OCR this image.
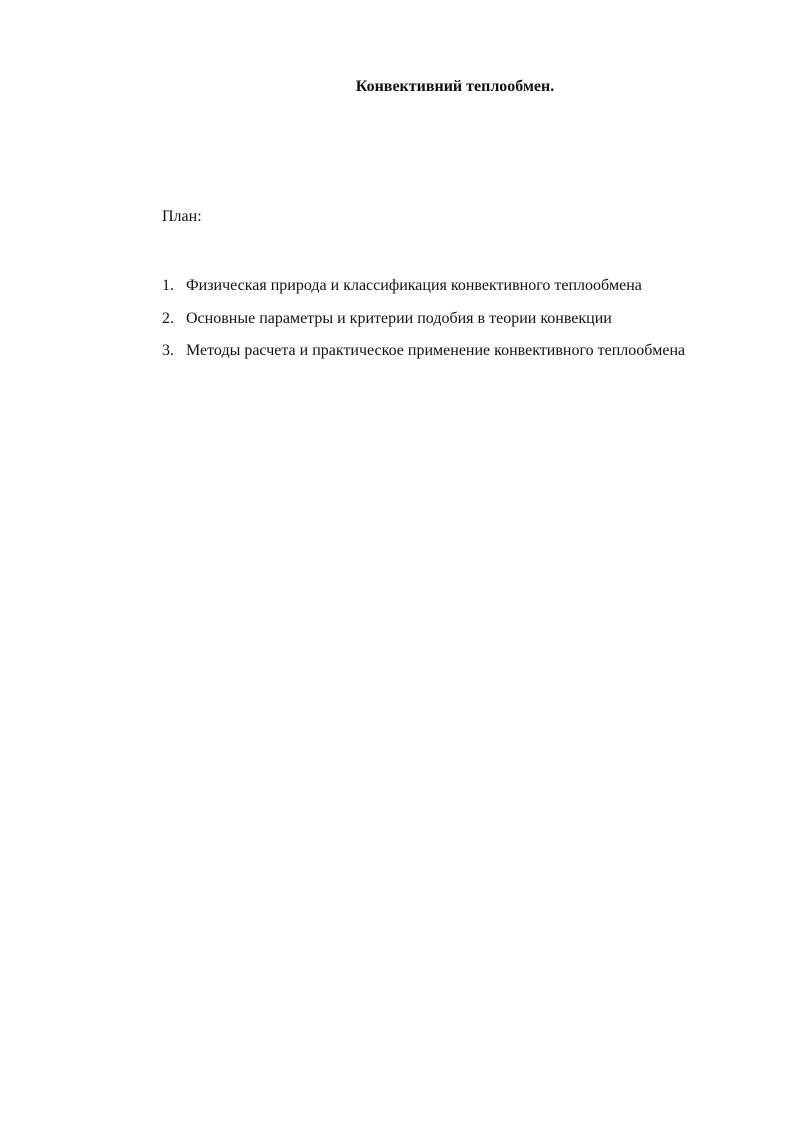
Конвективний теплообмен.

План:

1. Физическая природа и классификация конвективного теплообмена
2. Основные параметры и критерии подобия в теории конвекции
3. Методы расчета и практическое применение конвективного теплообмена
